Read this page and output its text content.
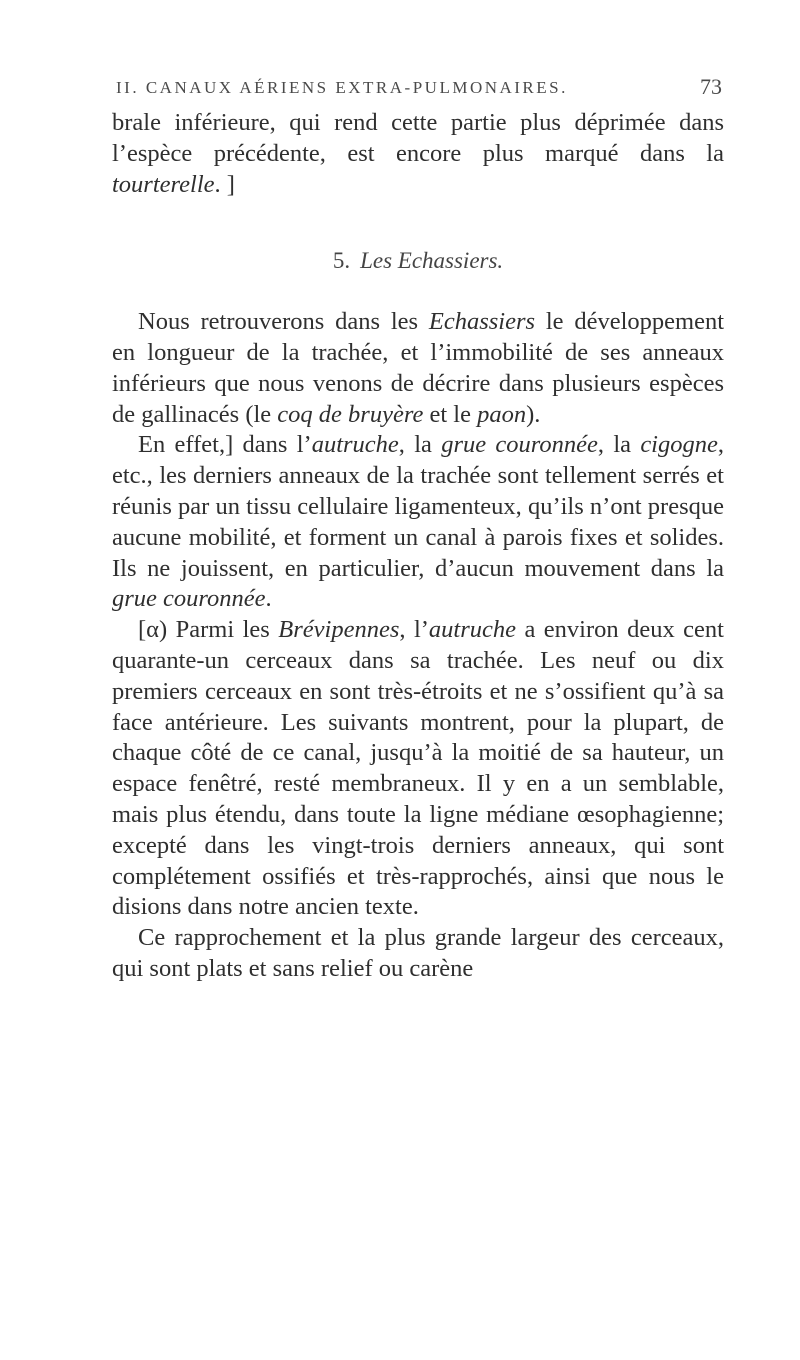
II. CANAUX AÉRIENS EXTRA-PULMONAIRES.	73

brale inférieure, qui rend cette partie plus déprimée dans l’espèce précédente, est encore plus marqué dans la tourterelle. ]

5. Les Echassiers.

Nous retrouverons dans les Echassiers le développement en longueur de la trachée, et l’immobilité de ses anneaux inférieurs que nous venons de décrire dans plusieurs espèces de gallinacés (le coq de bruyère et le paon).

En effet,] dans l’autruche, la grue couronnée, la cigogne, etc., les derniers anneaux de la trachée sont tellement serrés et réunis par un tissu cellulaire ligamenteux, qu’ils n’ont presque aucune mobilité, et forment un canal à parois fixes et solides. Ils ne jouissent, en particulier, d’aucun mouvement dans la grue couronnée.

[α) Parmi les Brévipennes, l’autruche a environ deux cent quarante-un cerceaux dans sa trachée. Les neuf ou dix premiers cerceaux en sont très-étroits et ne s’ossifient qu’à sa face antérieure. Les suivants montrent, pour la plupart, de chaque côté de ce canal, jusqu’à la moitié de sa hauteur, un espace fenêtré, resté membraneux. Il y en a un semblable, mais plus étendu, dans toute la ligne médiane œsophagienne; excepté dans les vingt-trois derniers anneaux, qui sont complétement ossifiés et très-rapprochés, ainsi que nous le disions dans notre ancien texte.

Ce rapprochement et la plus grande largeur des cerceaux, qui sont plats et sans relief ou carène
